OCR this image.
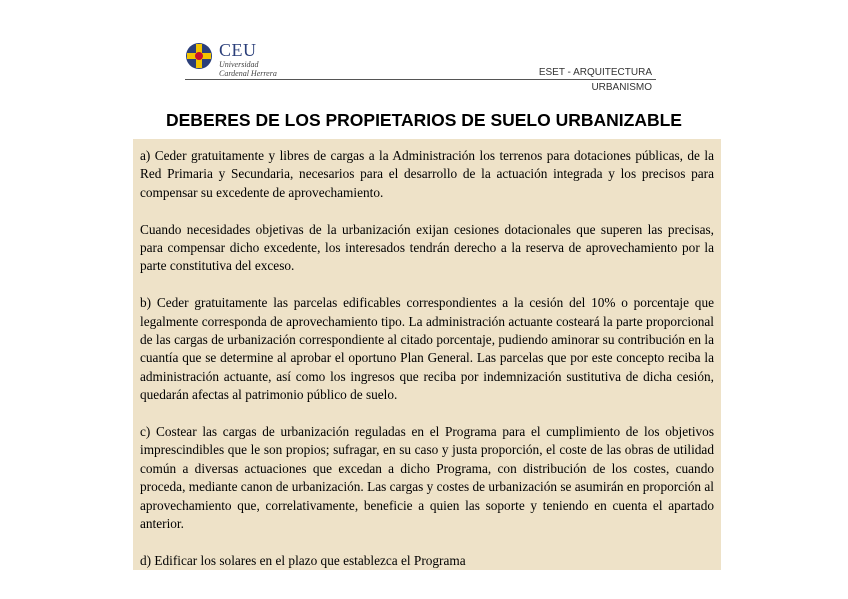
CEU
Universidad
Cardenal Herrera	ESET - ARQUITECTURA
URBANISMO
DEBERES DE LOS PROPIETARIOS DE SUELO URBANIZABLE

a) Ceder gratuitamente y libres de cargas a la Administración los terrenos para dotaciones públicas, de la Red Primaria y Secundaria, necesarios para el desarrollo de la actuación integrada y los precisos para compensar su excedente de aprovechamiento.

Cuando necesidades objetivas de la urbanización exijan cesiones dotacionales que superen las precisas, para compensar dicho excedente, los interesados tendrán derecho a la reserva de aprovechamiento por la parte constitutiva del exceso.

b) Ceder gratuitamente las parcelas edificables correspondientes a la cesión del 10% o porcentaje que legalmente corresponda de aprovechamiento tipo. La administración actuante costeará la parte proporcional de las cargas de urbanización correspondiente al citado porcentaje, pudiendo aminorar su contribución en la cuantía que se determine al aprobar el oportuno Plan General. Las parcelas que por este concepto reciba la administración actuante, así como los ingresos que reciba por indemnización sustitutiva de dicha cesión, quedarán afectas al patrimonio público de suelo.

c) Costear las cargas de urbanización reguladas en el Programa para el cumplimiento de los objetivos imprescindibles que le son propios; sufragar, en su caso y justa proporción, el coste de las obras de utilidad común a diversas actuaciones que excedan a dicho Programa, con distribución de los costes, cuando proceda, mediante canon de urbanización. Las cargas y costes de urbanización se asumirán en proporción al aprovechamiento que, correlativamente, beneficie a quien las soporte y teniendo en cuenta el apartado anterior.

d) Edificar los solares en el plazo que establezca el Programa
